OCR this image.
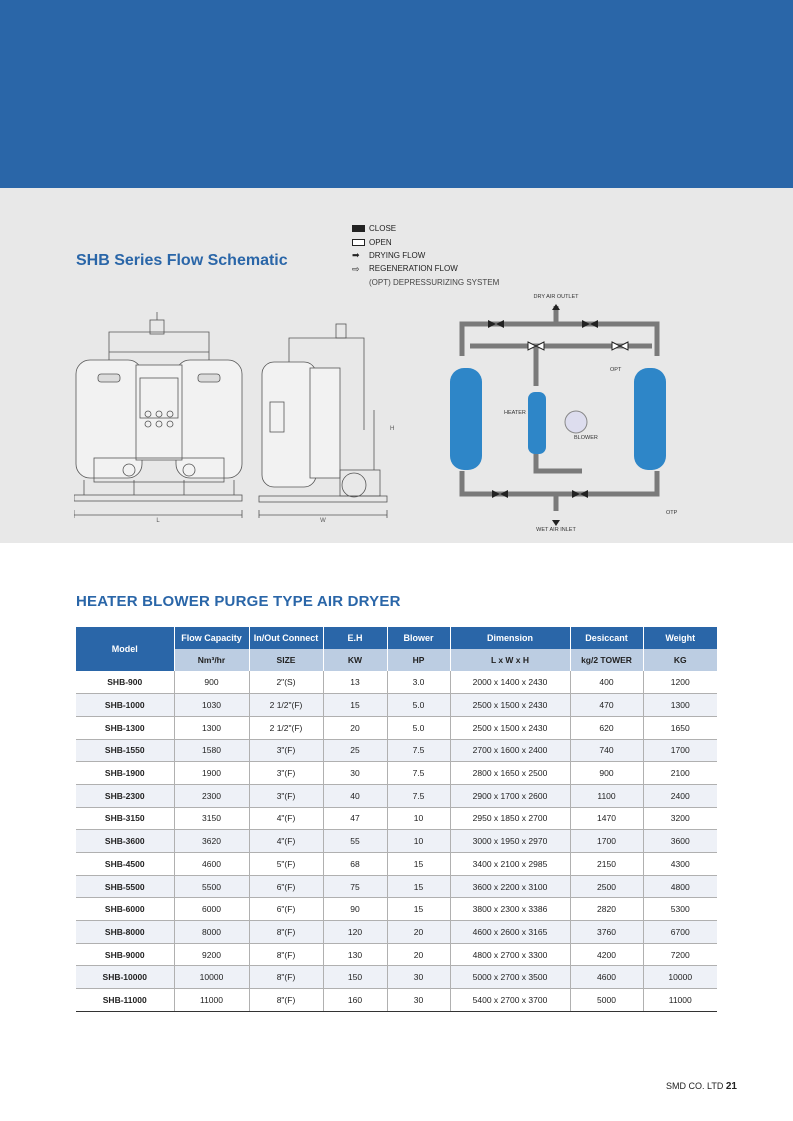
SHB Series Flow Schematic
CLOSE
OPEN
➡	DRYING FLOW
⇨	REGENERATION FLOW
(OPT) DEPRESSURIZING SYSTEM
L	W
H
DRY AIR OUTLET
WET AIR INLET
HEATER
BLOWER
OPT
OTP
HEATER BLOWER PURGE TYPE AIR DRYER
Model	Flow Capacity	In/Out Connect	E.H	Blower	Dimension	Desiccant	Weight
	Nm³/hr	SIZE	KW	HP	L x W x H	kg/2 TOWER	KG
SHB-900	900	2"(S)	13	3.0	2000 x 1400 x 2430	400	1200
SHB-1000	1030	2 1/2"(F)	15	5.0	2500 x 1500 x 2430	470	1300
SHB-1300	1300	2 1/2"(F)	20	5.0	2500 x 1500 x 2430	620	1650
SHB-1550	1580	3"(F)	25	7.5	2700 x 1600 x 2400	740	1700
SHB-1900	1900	3"(F)	30	7.5	2800 x 1650 x 2500	900	2100
SHB-2300	2300	3"(F)	40	7.5	2900 x 1700 x 2600	1100	2400
SHB-3150	3150	4"(F)	47	10	2950 x 1850 x 2700	1470	3200
SHB-3600	3620	4"(F)	55	10	3000 x 1950 x 2970	1700	3600
SHB-4500	4600	5"(F)	68	15	3400 x 2100 x 2985	2150	4300
SHB-5500	5500	6"(F)	75	15	3600 x 2200 x 3100	2500	4800
SHB-6000	6000	6"(F)	90	15	3800 x 2300 x 3386	2820	5300
SHB-8000	8000	8"(F)	120	20	4600 x 2600 x 3165	3760	6700
SHB-9000	9200	8"(F)	130	20	4800 x 2700 x 3300	4200	7200
SHB-10000	10000	8"(F)	150	30	5000 x 2700 x 3500	4600	10000
SHB-11000	11000	8"(F)	160	30	5400 x 2700 x 3700	5000	11000
SMD CO. LTD 21
